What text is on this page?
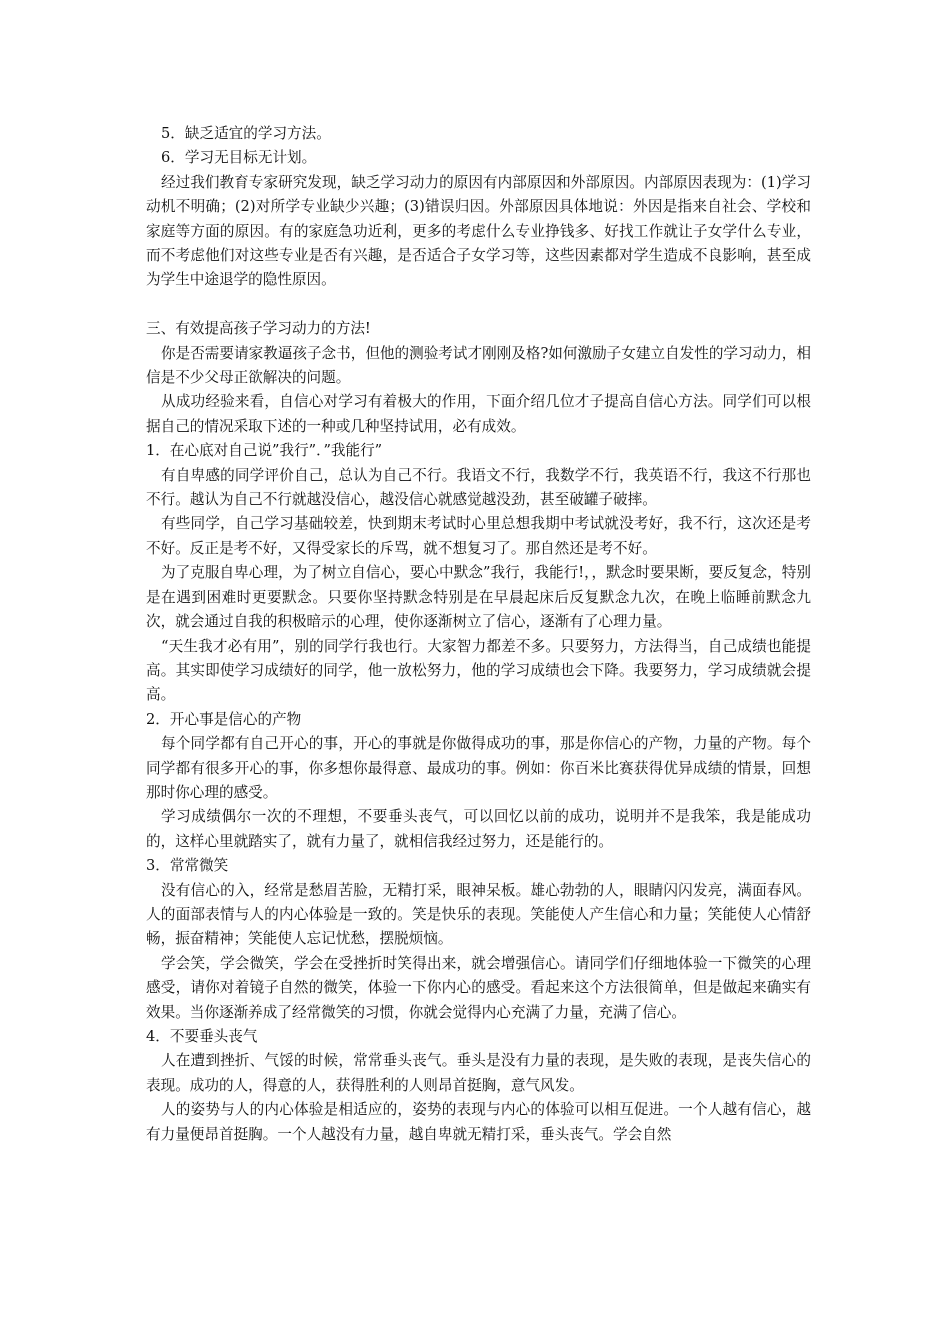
5．缺乏适宜的学习方法。

6．学习无目标无计划。

经过我们教育专家研究发现，缺乏学习动力的原因有内部原因和外部原因。内部原因表现为：(1)学习动机不明确；(2)对所学专业缺少兴趣；(3)错误归因。外部原因具体地说：外因是指来自社会、学校和家庭等方面的原因。有的家庭急功近利，更多的考虑什么专业挣钱多、好找工作就让子女学什么专业，而不考虑他们对这些专业是否有兴趣，是否适合子女学习等，这些因素都对学生造成不良影响，甚至成为学生中途退学的隐性原因。

三、有效提高孩子学习动力的方法!

你是否需要请家教逼孩子念书，但他的测验考试才刚刚及格?如何激励子女建立自发性的学习动力，相信是不少父母正欲解决的问题。

从成功经验来看，自信心对学习有着极大的作用，下面介绍几位才子提高自信心方法。同学们可以根据自己的情况采取下述的一种或几种坚持试用，必有成效。

1．在心底对自己说”我行”．”我能行”

有自卑感的同学评价自己，总认为自己不行。我语文不行，我数学不行，我英语不行，我这不行那也不行。越认为自己不行就越没信心，越没信心就感觉越没劲，甚至破罐子破摔。

有些同学，自己学习基础较差，快到期末考试时心里总想我期中考试就没考好，我不行，这次还是考不好。反正是考不好，又得受家长的斥骂，就不想复习了。那自然还是考不好。

为了克服自卑心理，为了树立自信心，要心中默念”我行，我能行!，，默念时要果断，要反复念，特别是在遇到困难时更要默念。只要你坚持默念特别是在早晨起床后反复默念九次，在晚上临睡前默念九次，就会通过自我的积极暗示的心理，使你逐渐树立了信心，逐渐有了心理力量。

“天生我才必有用”，别的同学行我也行。大家智力都差不多。只要努力，方法得当，自己成绩也能提高。其实即使学习成绩好的同学，他一放松努力，他的学习成绩也会下降。我要努力，学习成绩就会提高。

2．开心事是信心的产物

每个同学都有自己开心的事，开心的事就是你做得成功的事，那是你信心的产物，力量的产物。每个同学都有很多开心的事，你多想你最得意、最成功的事。例如：你百米比赛获得优异成绩的情景，回想那时你心理的感受。

学习成绩偶尔一次的不理想，不要垂头丧气，可以回忆以前的成功，说明并不是我笨，我是能成功的，这样心里就踏实了，就有力量了，就相信我经过努力，还是能行的。

3．常常微笑

没有信心的入，经常是愁眉苦脸，无精打采，眼神呆板。雄心勃勃的人，眼睛闪闪发亮，满面春风。人的面部表情与人的内心体验是一致的。笑是快乐的表现。笑能使人产生信心和力量；笑能使人心情舒畅，振奋精神；笑能使人忘记忧愁，摆脱烦恼。

学会笑，学会微笑，学会在受挫折时笑得出来，就会增强信心。请同学们仔细地体验一下微笑的心理感受，请你对着镜子自然的微笑，体验一下你内心的感受。看起来这个方法很简单，但是做起来确实有效果。当你逐渐养成了经常微笑的习惯，你就会觉得内心充满了力量，充满了信心。

4．不要垂头丧气

人在遭到挫折、气馁的时候，常常垂头丧气。垂头是没有力量的表现，是失败的表现，是丧失信心的表现。成功的人，得意的人，获得胜利的人则昂首挺胸，意气风发。

人的姿势与人的内心体验是相适应的，姿势的表现与内心的体验可以相互促进。一个人越有信心，越有力量便昂首挺胸。一个人越没有力量，越自卑就无精打采，垂头丧气。学会自然
